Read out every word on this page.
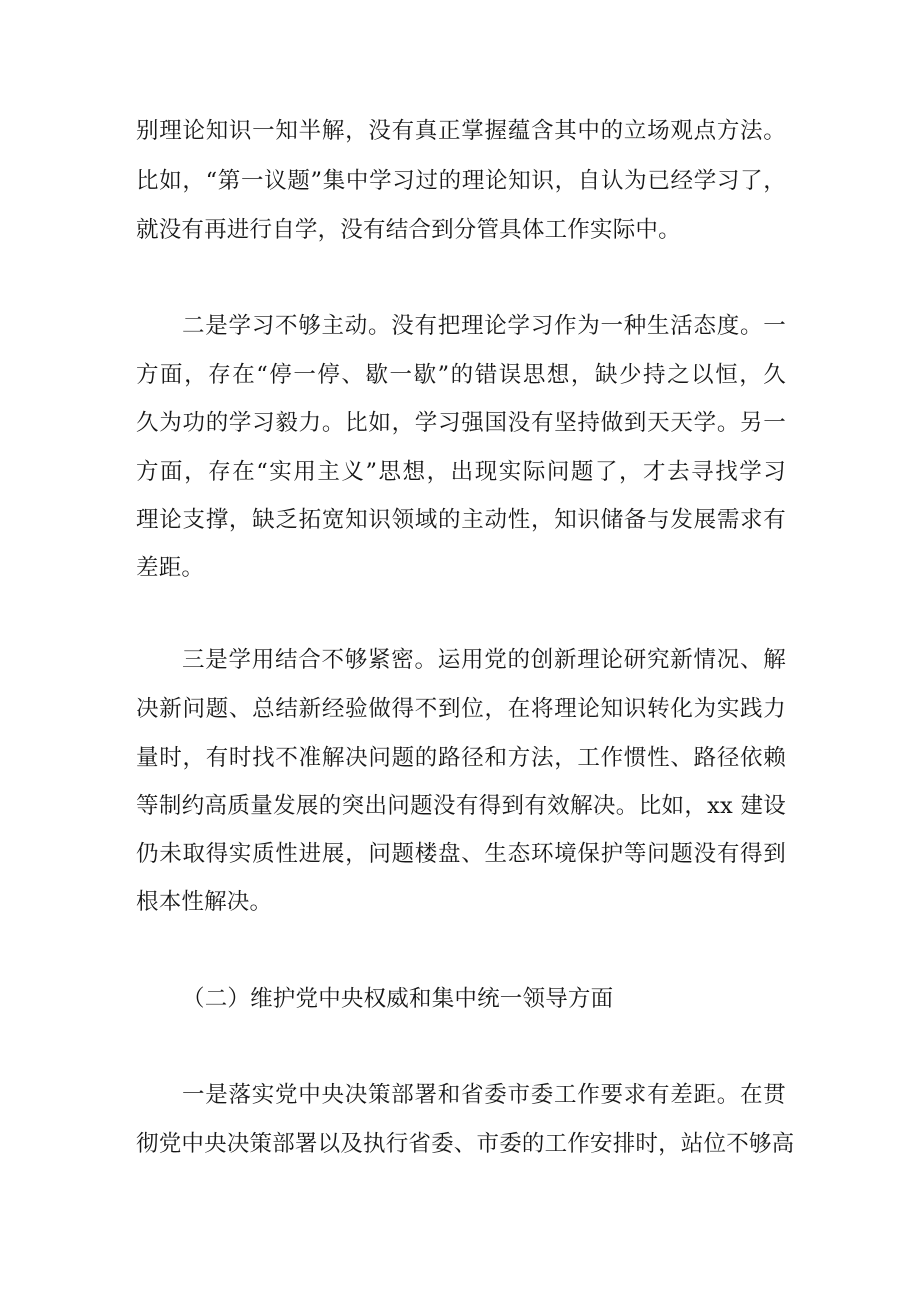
别理论知识一知半解，没有真正掌握蕴含其中的立场观点方法。
比如，“第一议题”集中学习过的理论知识，自认为已经学习了，
就没有再进行自学，没有结合到分管具体工作实际中。
二是学习不够主动。没有把理论学习作为一种生活态度。一
方面，存在“停一停、歇一歇”的错误思想，缺少持之以恒，久
久为功的学习毅力。比如，学习强国没有坚持做到天天学。另一
方面，存在“实用主义”思想，出现实际问题了，才去寻找学习
理论支撑，缺乏拓宽知识领域的主动性，知识储备与发展需求有
差距。
三是学用结合不够紧密。运用党的创新理论研究新情况、解
决新问题、总结新经验做得不到位，在将理论知识转化为实践力
量时，有时找不准解决问题的路径和方法，工作惯性、路径依赖
等制约高质量发展的突出问题没有得到有效解决。比如，xx 建设
仍未取得实质性进展，问题楼盘、生态环境保护等问题没有得到
根本性解决。
（二）维护党中央权威和集中统一领导方面
一是落实党中央决策部署和省委市委工作要求有差距。在贯
彻党中央决策部署以及执行省委、市委的工作安排时，站位不够高
